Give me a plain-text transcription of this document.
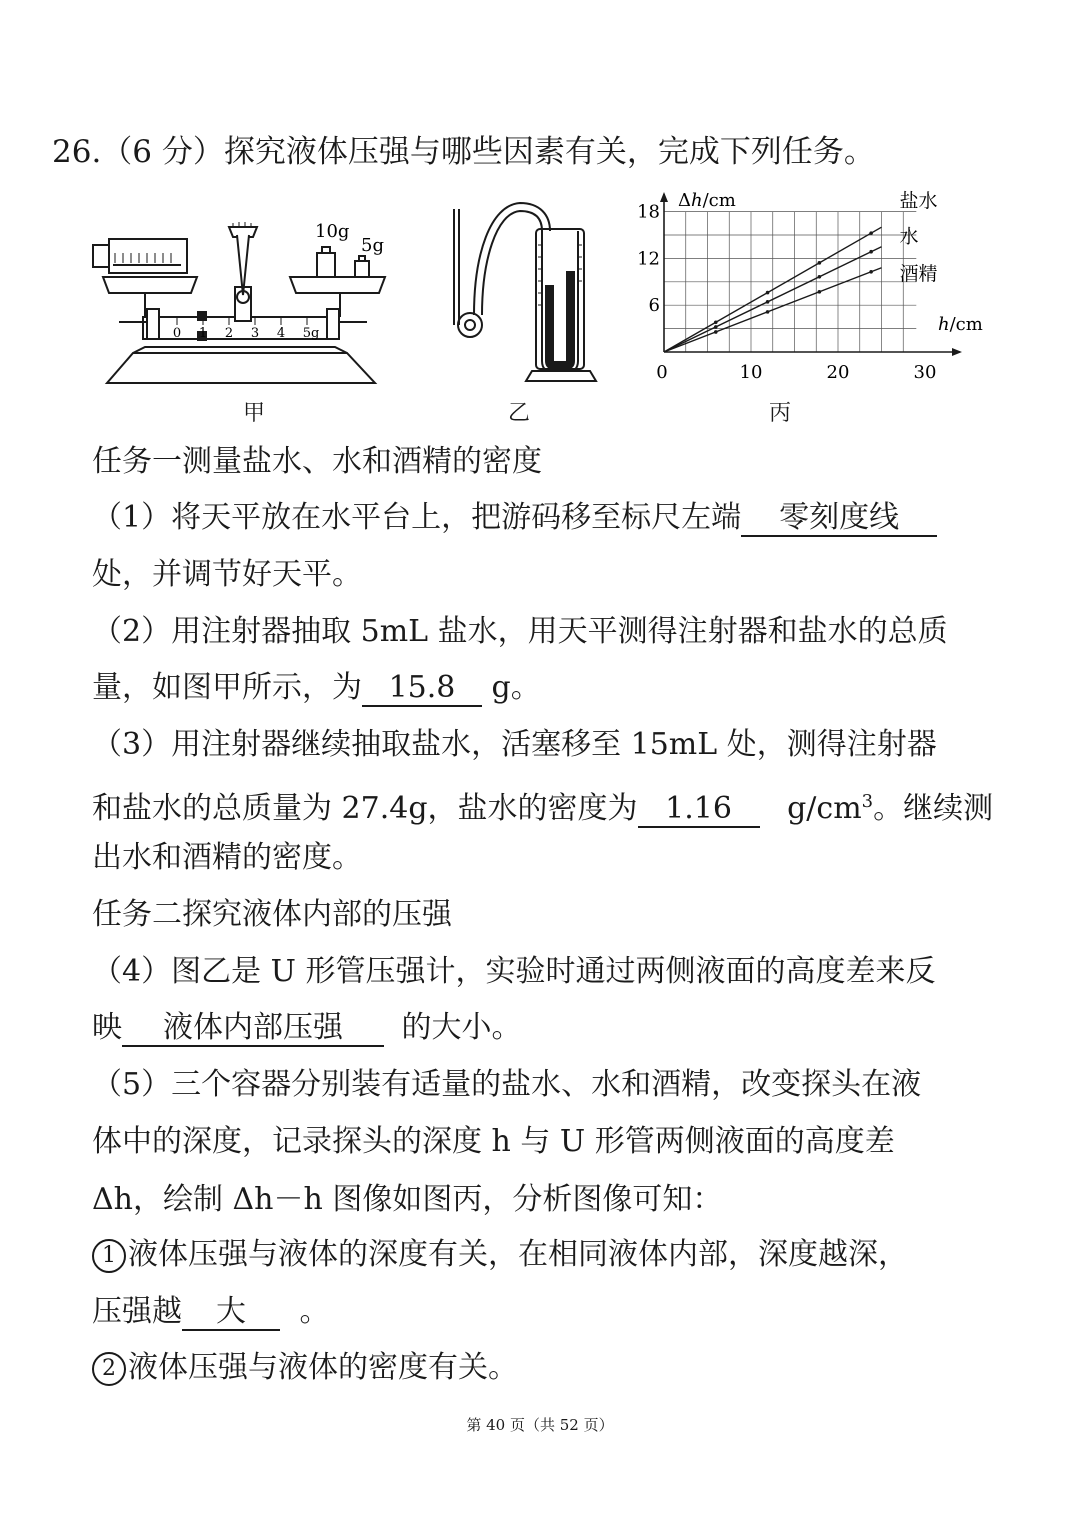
26.（6 分）探究液体压强与哪些因素有关，完成下列任务。
0 1 2 3 4 5g
10g
5g
甲	乙
0	10	20	30
6
12
18
Δh/cm
h/cm
盐水
水
酒精
丙
任务一测量盐水、水和酒精的密度
（1）将天平放在水平台上，把游码移至标尺左端 零刻度线
处，并调节好天平。
（2）用注射器抽取 5mL 盐水，用天平测得注射器和盐水的总质
量，如图甲所示，为 15.8 g。
（3）用注射器继续抽取盐水，活塞移至 15mL 处，测得注射器
和盐水的总质量为 27.4g，盐水的密度为 1.16 $g/cm^3$。继续测
出水和酒精的密度。
任务二探究液体内部的压强
（4）图乙是 U 形管压强计，实验时通过两侧液面的高度差来反
映 液体内部压强 的大小。
（5）三个容器分别装有适量的盐水、水和酒精，改变探头在液
体中的深度，记录探头的深度 h 与 U 形管两侧液面的高度差
Δh，绘制 Δh－h 图像如图丙，分析图像可知：
1 液体压强与液体的深度有关，在相同液体内部，深度越深，
压强越 大 。
2 液体压强与液体的密度有关。
第 40 页（共 52 页）
